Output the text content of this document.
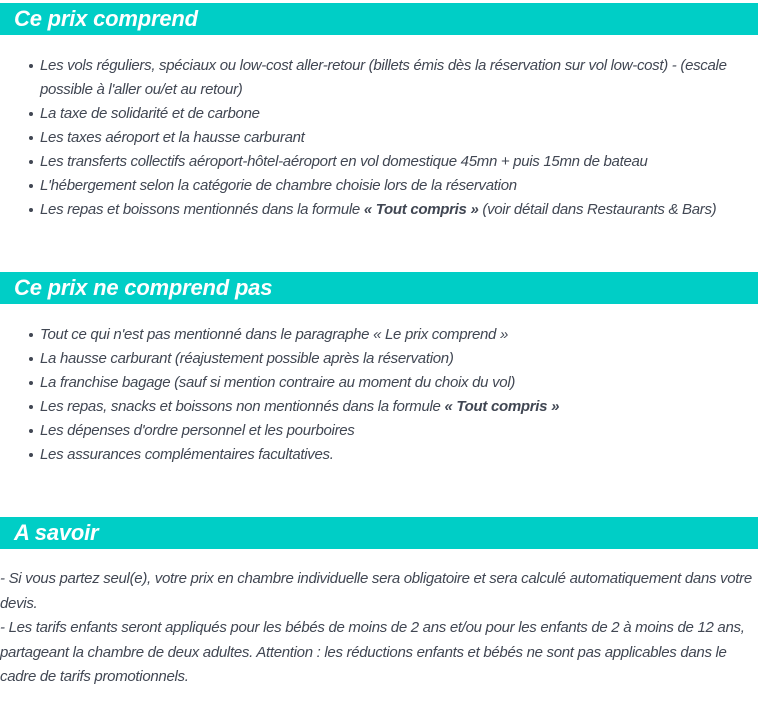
Ce prix comprend
Les vols réguliers, spéciaux ou low-cost aller-retour (billets émis dès la réservation sur vol low-cost) - (escale possible à l'aller ou/et au retour)
La taxe de solidarité et de carbone
Les taxes aéroport et la hausse carburant
Les transferts collectifs aéroport-hôtel-aéroport en vol domestique 45mn + puis 15mn de bateau
L'hébergement selon la catégorie de chambre choisie lors de la réservation
Les repas et boissons mentionnés dans la formule « Tout compris » (voir détail dans Restaurants & Bars)
Ce prix ne comprend pas
Tout ce qui n'est pas mentionné dans le paragraphe « Le prix comprend »
La hausse carburant (réajustement possible après la réservation)
La franchise bagage (sauf si mention contraire au moment du choix du vol)
Les repas, snacks et boissons non mentionnés dans la formule « Tout compris »
Les dépenses d'ordre personnel et les pourboires
Les assurances complémentaires facultatives.
A savoir

- Si vous partez seul(e), votre prix en chambre individuelle sera obligatoire et sera calculé automatiquement dans votre devis.

- Les tarifs enfants seront appliqués pour les bébés de moins de 2 ans et/ou pour les enfants de 2 à moins de 12 ans, partageant la chambre de deux adultes. Attention : les réductions enfants et bébés ne sont pas applicables dans le cadre de tarifs promotionnels.
